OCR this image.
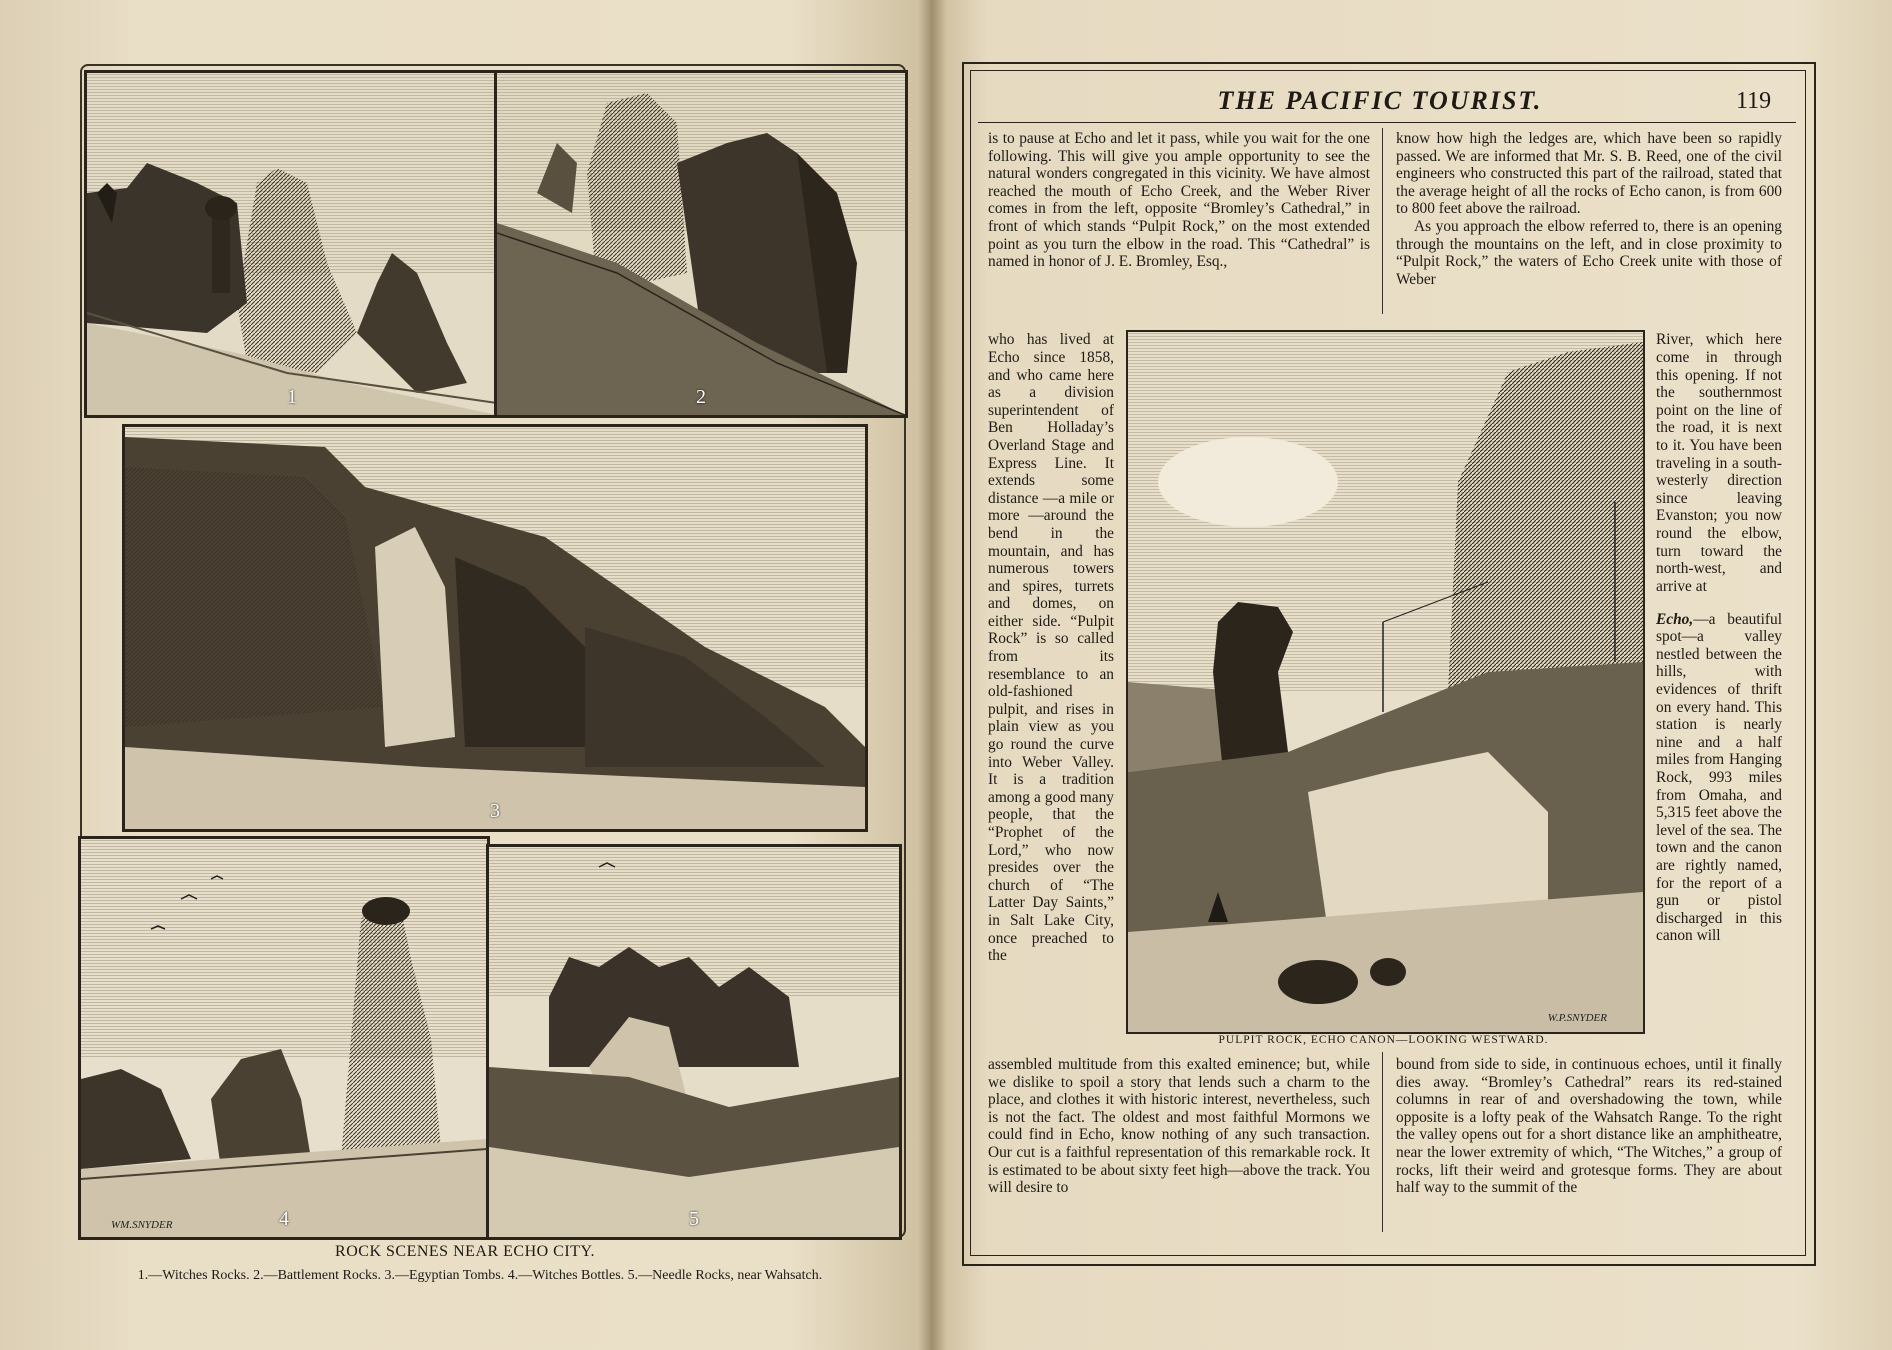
1	2
3
4
WM.SNYDER	5
ROCK SCENES NEAR ECHO CITY.
1.—Witches Rocks. 2.—Battlement Rocks. 3.—Egyptian Tombs. 4.—Witches Bottles. 5.—Needle Rocks, near Wahsatch.
THE PACIFIC TOURIST.	119

is to pause at Echo and let it pass, while you wait for the one following. This will give you ample opportunity to see the natural wonders congregated in this vicinity. We have almost reached the mouth of Echo Creek, and the Weber River comes in from the left, opposite “Bromley’s Cathedral,” in front of which stands “Pulpit Rock,” on the most extended point as you turn the elbow in the road. This “Cathedral” is named in honor of J. E. Bromley, Esq.,

know how high the ledges are, which have been so rapidly passed. We are informed that Mr. S. B. Reed, one of the civil engineers who constructed this part of the railroad, stated that the average height of all the rocks of Echo canon, is from 600 to 800 feet above the railroad.

As you approach the elbow referred to, there is an opening through the mountains on the left, and in close proximity to “Pulpit Rock,” the waters of Echo Creek unite with those of Weber

who has lived at Echo since 1858, and who came here as a division superintendent of Ben Holladay’s Overland Stage and Express Line. It extends some distance —a mile or more —around the bend in the mountain, and has numerous towers and spires, turrets and domes, on either side. “Pulpit Rock” is so called from its resemblance to an old-fashioned pulpit, and rises in plain view as you go round the curve into Weber Valley. It is a tradition among a good many people, that the “Prophet of the Lord,” who now presides over the church of “The Latter Day Saints,” in Salt Lake City, once preached to the

W.P.SNYDER
PULPIT ROCK, ECHO CANON—LOOKING WESTWARD.

River, which here come in through this opening. If not the southernmost point on the line of the road, it is next to it. You have been traveling in a south-westerly direction since leaving Evanston; you now round the elbow, turn toward the north-west, and arrive at

Echo,—a beautiful spot—a valley nestled between the hills, with evidences of thrift on every hand. This station is nearly nine and a half miles from Hanging Rock, 993 miles from Omaha, and 5,315 feet above the level of the sea. The town and the canon are rightly named, for the report of a gun or pistol discharged in this canon will

assembled multitude from this exalted eminence; but, while we dislike to spoil a story that lends such a charm to the place, and clothes it with historic interest, nevertheless, such is not the fact. The oldest and most faithful Mormons we could find in Echo, know nothing of any such transaction. Our cut is a faithful representation of this remarkable rock. It is estimated to be about sixty feet high—above the track. You will desire to

bound from side to side, in continuous echoes, until it finally dies away. “Bromley’s Cathedral” rears its red-stained columns in rear of and overshadowing the town, while opposite is a lofty peak of the Wahsatch Range. To the right the valley opens out for a short distance like an amphitheatre, near the lower extremity of which, “The Witches,” a group of rocks, lift their weird and grotesque forms. They are about half way to the summit of the
